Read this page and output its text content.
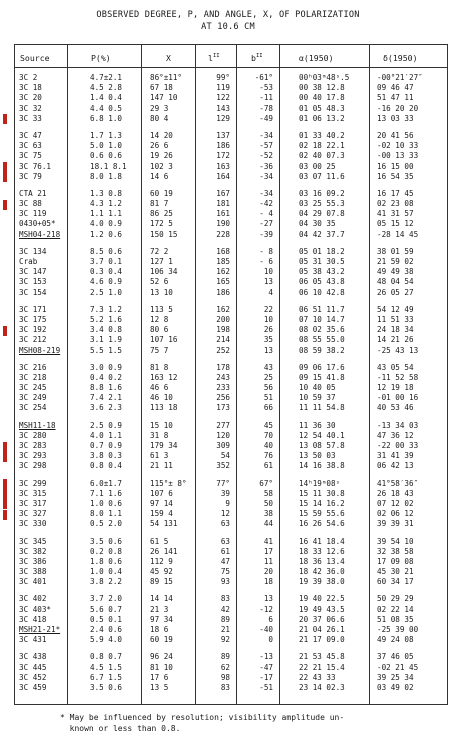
OBSERVED DEGREE, P, AND ANGLE, X, OF POLARIZATION
AT 10.6 CM
Source	P(%)	X	$l^{II}$	$b^{II}$	α(1950)	δ(1950)
3C 2	4.7±2.1	86°±11°	99°	-61°	00ʰ03ᵐ48ˢ.5	-00°21′27″
3C 18	4.5 2.8	67 18	119	-53	00 38 12.8	09 46 47
3C 20	1.4 0.4	147 10	122	-11	00 40 17.8	51 47 11
3C 32	4.4 0.5	29 3	143	-78	01 05 48.3	-16 20 20
3C 33	6.8 1.0	80 4	129	-49	01 06 13.2	13 03 33
3C 47	1.7 1.3	14 20	137	-34	01 33 40.2	20 41 56
3C 63	5.0 1.0	26 6	186	-57	02 18 22.1	-02 10 33
3C 75	0.6 0.6	19 26	172	-52	02 40 07.3	-00 13 33
3C 76.1	18.1 8.1	102 3	163	-36	03 00 25	16 15 00
3C 79	8.0 1.8	14 6	164	-34	03 07 11.6	16 54 35
CTA 21	1.3 0.8	60 19	167	-34	03 16 09.2	16 17 45
3C 88	4.3 1.2	81 7	181	-42	03 25 55.3	02 23 08
3C 119	1.1 1.1	86 25	161	- 4	04 29 07.8	41 31 57
0430+05*	4.0 0.9	172 5	190	-27	04 30 35	05 15 12
MSH04-218	1.2 0.6	150 15	228	-39	04 42 37.7	-28 14 45
3C 134	8.5 0.6	72 2	168	- 8	05 01 18.2	38 01 59
Crab	3.7 0.1	127 1	185	- 6	05 31 30.5	21 59 02
3C 147	0.3 0.4	106 34	162	10	05 38 43.2	49 49 38
3C 153	4.6 0.9	52 6	165	13	06 05 43.8	48 04 54
3C 154	2.5 1.0	13 10	186	4	06 10 42.8	26 05 27
3C 171	7.3 1.2	113 5	162	22	06 51 11.7	54 12 49
3C 175	5.2 1.6	12 8	200	10	07 10 14.7	11 51 33
3C 192	3.4 0.8	80 6	198	26	08 02 35.6	24 18 34
3C 212	3.1 1.9	107 16	214	35	08 55 55.0	14 21 26
MSH08-219	5.5 1.5	75 7	252	13	08 59 38.2	-25 43 13
3C 216	3.0 0.9	81 8	178	43	09 06 17.6	43 05 54
3C 218	0.4 0.2	163 12	243	25	09 15 41.8	-11 52 58
3C 245	8.8 1.6	46 6	233	56	10 40 05	12 19 18
3C 249	7.4 2.1	46 10	256	51	10 59 37	-01 00 16
3C 254	3.6 2.3	113 18	173	66	11 11 54.8	40 53 46
MSH11-18	2.5 0.9	15 10	277	45	11 36 30	-13 34 03
3C 280	4.0 1.1	31 8	120	70	12 54 40.1	47 36 12
3C 283	0.7 0.9	179 34	309	40	13 08 57.8	-22 00 33
3C 293	3.8 0.3	61 3	54	76	13 50 03	31 41 39
3C 298	0.8 0.4	21 11	352	61	14 16 38.8	06 42 13
3C 299	6.0±1.7	115°± 8°	77°	67°	14ʰ19ᵐ08ˢ	41°58′36″
3C 315	7.1 1.6	107 6	39	58	15 11 30.8	26 18 43
3C 317	1.0 0.6	97 14	9	50	15 14 16.2	07 12 02
3C 327	8.0 1.1	159 4	12	38	15 59 55.6	02 06 12
3C 330	0.5 2.0	54 131	63	44	16 26 54.6	39 39 31
3C 345	3.5 0.6	61 5	63	41	16 41 18.4	39 54 10
3C 382	0.2 0.8	26 141	61	17	18 33 12.6	32 38 58
3C 386	1.8 0.6	112 9	47	11	18 36 13.4	17 09 08
3C 388	1.0 0.4	45 92	75	20	18 42 36.0	45 30 21
3C 401	3.8 2.2	89 15	93	18	19 39 38.0	60 34 17
3C 402	3.7 2.0	14 14	83	13	19 40 22.5	50 29 29
3C 403*	5.6 0.7	21 3	42	-12	19 49 43.5	02 22 14
3C 418	0.5 0.1	97 34	89	6	20 37 06.6	51 08 35
MSH21-21*	2.4 0.6	18 6	21	-40	21 04 26.1	-25 39 00
3C 431	5.9 4.0	60 19	92	0	21 17 09.0	49 24 08
3C 438	0.8 0.7	96 24	89	-13	21 53 45.8	37 46 05
3C 445	4.5 1.5	81 10	62	-47	22 21 15.4	-02 21 45
3C 452	6.7 1.5	17 6	98	-17	22 43 33	39 25 34
3C 459	3.5 0.6	13 5	83	-51	23 14 02.3	03 49 02
* May be influenced by resolution; visibility amplitude un-
known or less than 0.8.
